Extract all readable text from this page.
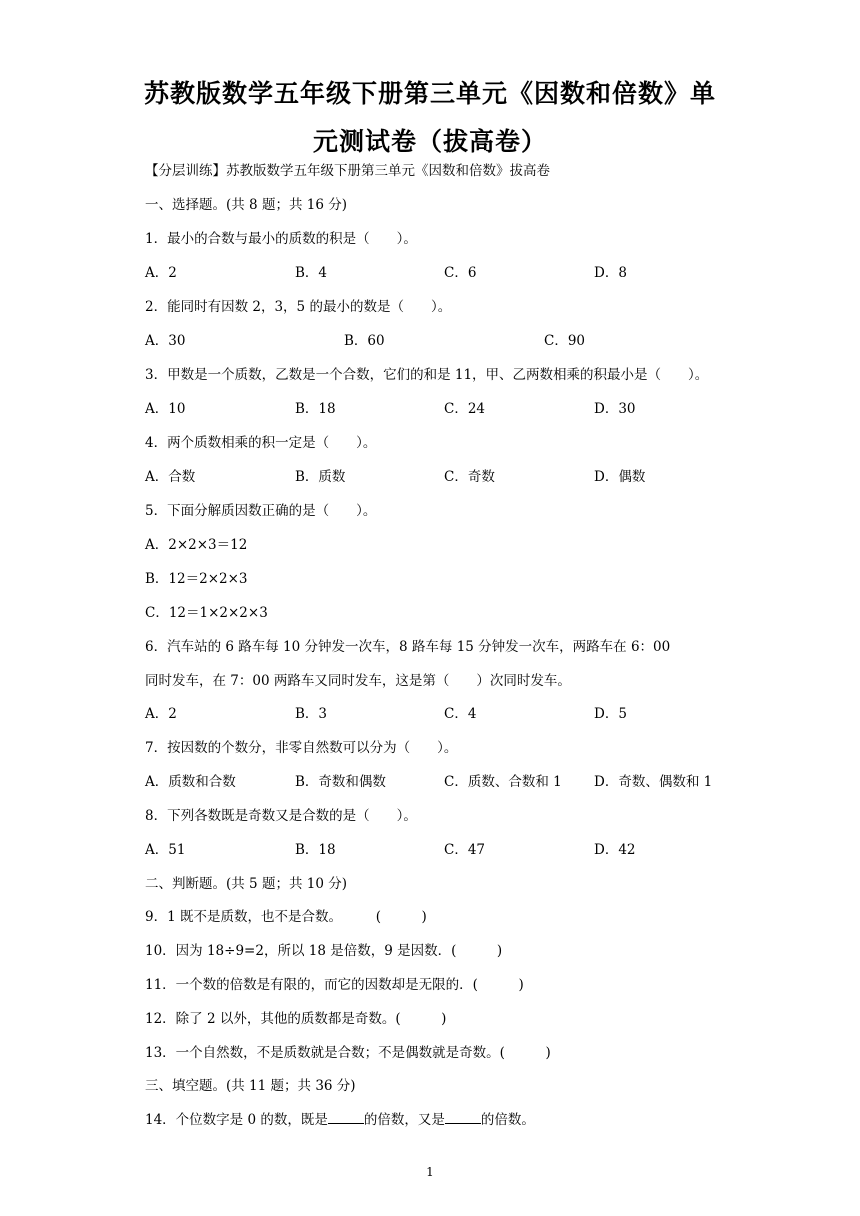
苏教版数学五年级下册第三单元《因数和倍数》单
元测试卷（拔高卷）
【分层训练】苏教版数学五年级下册第三单元《因数和倍数》拔高卷
一、选择题。(共 8 题；共 16 分)
1．最小的合数与最小的质数的积是（　　）。
A．2	B．4	C．6	D．8
2．能同时有因数 2，3，5 的最小的数是（　　）。
A．30	B．60	C．90
3．甲数是一个质数，乙数是一个合数，它们的和是 11，甲、乙两数相乘的积最小是（　　）。
A．10	B．18	C．24	D．30
4．两个质数相乘的积一定是（　　）。
A．合数	B．质数	C．奇数	D．偶数
5．下面分解质因数正确的是（　　）。
A．2×2×3＝12
B．12＝2×2×3
C．12＝1×2×2×3
6．汽车站的 6 路车每 10 分钟发一次车，8 路车每 15 分钟发一次车，两路车在 6：00
同时发车，在 7：00 两路车又同时发车，这是第（　　）次同时发车。
A．2	B．3	C．4	D．5
7．按因数的个数分，非零自然数可以分为（　　）。
A．质数和合数	B．奇数和偶数	C．质数、合数和 1 D．奇数、偶数和 1
8．下列各数既是奇数又是合数的是（　　）。
A．51	B．18	C．47	D．42
二、判断题。(共 5 题；共 10 分)
9．1 既不是质数，也不是合数。　　　(　　　)
10．因为 18÷9=2，所以 18 是倍数，9 是因数．(　　　)
11．一个数的倍数是有限的，而它的因数却是无限的．(　　　)
12．除了 2 以外，其他的质数都是奇数。(　　　)
13．一个自然数，不是质数就是合数；不是偶数就是奇数。(　　　)
三、填空题。(共 11 题；共 36 分)
14．个位数字是 0 的数，既是	的倍数，又是	的倍数。
1
